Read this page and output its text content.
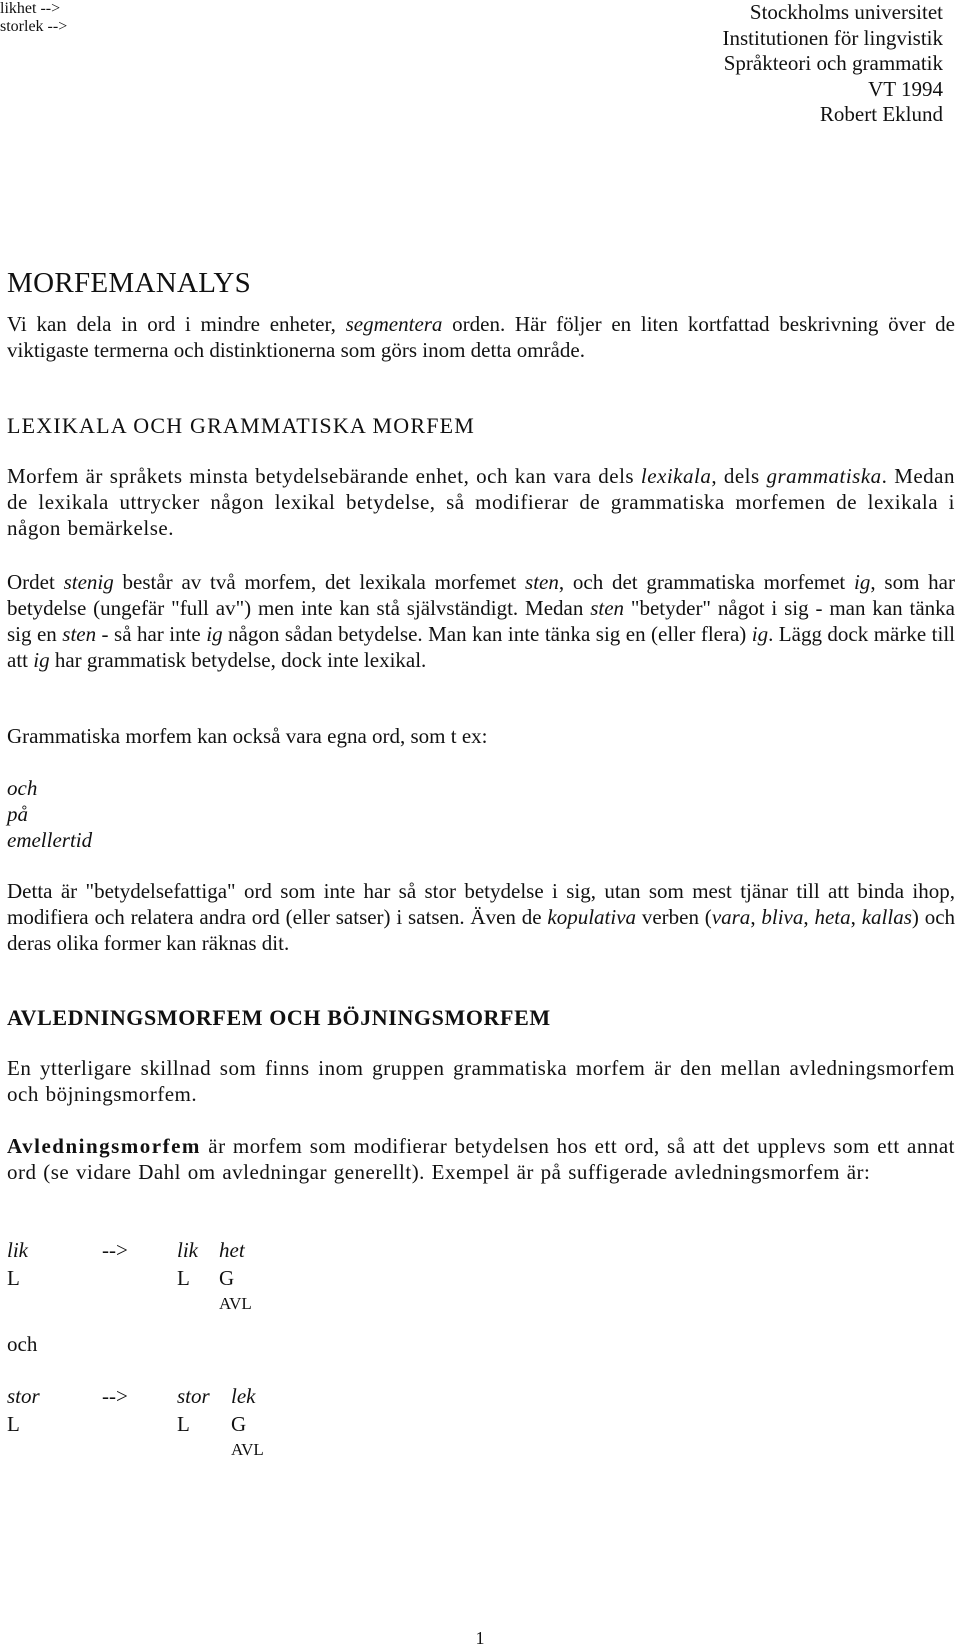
Stockholms universitet
Institutionen för lingvistik
Språkteori och grammatik
VT 1994
Robert Eklund
MORFEMANALYS

Vi kan dela in ord i mindre enheter, segmentera orden. Här följer en liten kortfattad beskrivning över de viktigaste termerna och distinktionerna som görs inom detta område.

LEXIKALA OCH GRAMMATISKA MORFEM

Morfem är språkets minsta betydelsebärande enhet, och kan vara dels lexikala, dels grammatiska. Medan de lexikala uttrycker någon lexikal betydelse, så modifierar de grammatiska morfemen de lexikala i någon bemärkelse.

Ordet stenig består av två morfem, det lexikala morfemet sten, och det grammatiska morfemet ig, som har betydelse (ungefär "full av") men inte kan stå självständigt. Medan sten "betyder" något i sig - man kan tänka sig en sten - så har inte ig någon sådan betydelse. Man kan inte tänka sig en (eller flera) ig. Lägg dock märke till att ig har grammatisk betydelse, dock inte lexikal.

Grammatiska morfem kan också vara egna ord, som t ex:

och
på
emellertid

Detta är "betydelsefattiga" ord som inte har så stor betydelse i sig, utan som mest tjänar till att binda ihop, modifiera och relatera andra ord (eller satser) i satsen. Även de kopulativa verben (vara, bliva, heta, kallas) och deras olika former kan räknas dit.

AVLEDNINGSMORFEM OCH BÖJNINGSMORFEM

En ytterligare skillnad som finns inom gruppen grammatiska morfem är den mellan avledningsmorfem och böjningsmorfem.

Avledningsmorfem är morfem som modifierar betydelsen hos ett ord, så att det upplevs som ett annat ord (se vidare Dahl om avledningar generellt). Exempel är på suffigerade avledningsmorfem är:

likhet -->
lik	--> lik het
L	L G
AVL
och
storlek -->
stor	--> stor lek
L	L G
AVL
1
